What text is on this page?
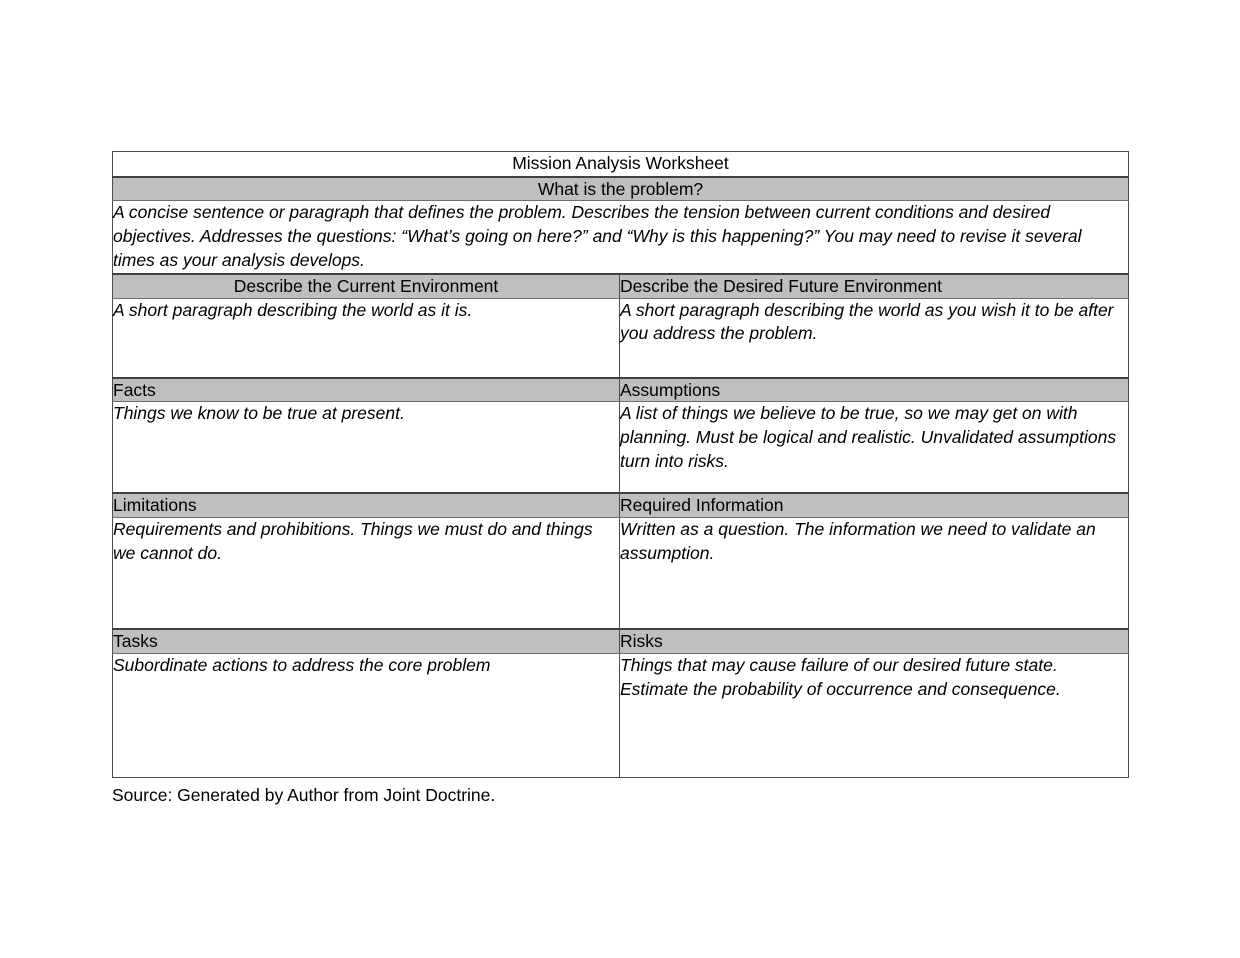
Mission Analysis Worksheet	
What is the problem?	
A concise sentence or paragraph that defines the problem. Describes the tension between current conditions and desired objectives. Addresses the questions: “What’s going on here?” and “Why is this happening?” You may need to revise it several times as your analysis develops.	
Describe the Current Environment	Describe the Desired Future Environment
A short paragraph describing the world as it is.	A short paragraph describing the world as you wish it to be after you address the problem.
Facts	Assumptions
Things we know to be true at present.	A list of things we believe to be true, so we may get on with planning. Must be logical and realistic. Unvalidated assumptions turn into risks.
Limitations	Required Information
Requirements and prohibitions. Things we must do and things we cannot do.	Written as a question. The information we need to validate an assumption.
Tasks	Risks
Subordinate actions to address the core problem	Things that may cause failure of our desired future state. Estimate the probability of occurrence and consequence.
Source: Generated by Author from Joint Doctrine.
